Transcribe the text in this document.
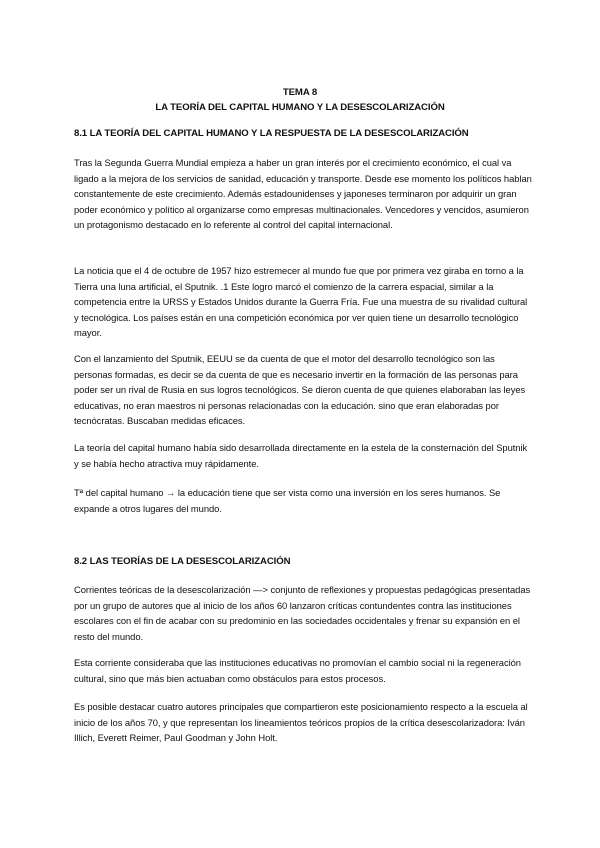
TEMA 8
LA TEORÍA DEL CAPITAL HUMANO Y LA DESESCOLARIZACIÓN
8.1 LA TEORÍA DEL CAPITAL HUMANO Y LA RESPUESTA DE LA DESESCOLARIZACIÓN

Tras la Segunda Guerra Mundial empieza a haber un gran interés por el crecimiento económico, el cual va ligado a la mejora de los servicios de sanidad, educación y transporte. Desde ese momento los políticos hablan constantemente de este crecimiento. Además estadounidenses y japoneses terminaron por adquirir un gran poder económico y político al organizarse como empresas multinacionales. Vencedores y vencidos, asumieron un protagonismo destacado en lo referente al control del capital internacional.

La noticia que el 4 de octubre de 1957 hizo estremecer al mundo fue que por primera vez giraba en torno a la Tierra una luna artificial, el Sputnik. .1 Este logro marcó el comienzo de la carrera espacial, similar a la competencia entre la URSS y Estados Unidos durante la Guerra Fría. Fue una muestra de su rivalidad cultural y tecnológica. Los países están en una competición económica por ver quien tiene un desarrollo tecnológico mayor.

Con el lanzamiento del Sputnik, EEUU se da cuenta de que el motor del desarrollo tecnológico son las personas formadas, es decir se da cuenta de que es necesario invertir en la formación de las personas para poder ser un rival de Rusia en sus logros tecnológicos. Se dieron cuenta de que quienes elaboraban las leyes educativas, no eran maestros ni personas relacionadas con la educación. sino que eran elaboradas por tecnócratas. Buscaban medidas eficaces.

La teoría del capital humano había sido desarrollada directamente en la estela de la consternación del Sputnik y se había hecho atractiva muy rápidamente.

Tª del capital humano → la educación tiene que ser vista como una inversión en los seres humanos. Se expande a otros lugares del mundo.

8.2 LAS TEORÍAS DE LA DESESCOLARIZACIÓN

Corrientes teóricas de la desescolarización —> conjunto de reflexiones y propuestas pedagógicas presentadas por un grupo de autores que al inicio de los años 60 lanzaron críticas contundentes contra las instituciones escolares con el fin de acabar con su predominio en las sociedades occidentales y frenar su expansión en el resto del mundo.

Esta corriente consideraba que las instituciones educativas no promovían el cambio social ni la regeneración cultural, sino que más bien actuaban como obstáculos para estos procesos.

Es posible destacar cuatro autores principales que compartieron este posicionamiento respecto a la escuela al inicio de los años 70, y que representan los lineamientos teóricos propios de la crítica desescolarizadora: Iván Illich, Everett Reimer, Paul Goodman y John Holt.
